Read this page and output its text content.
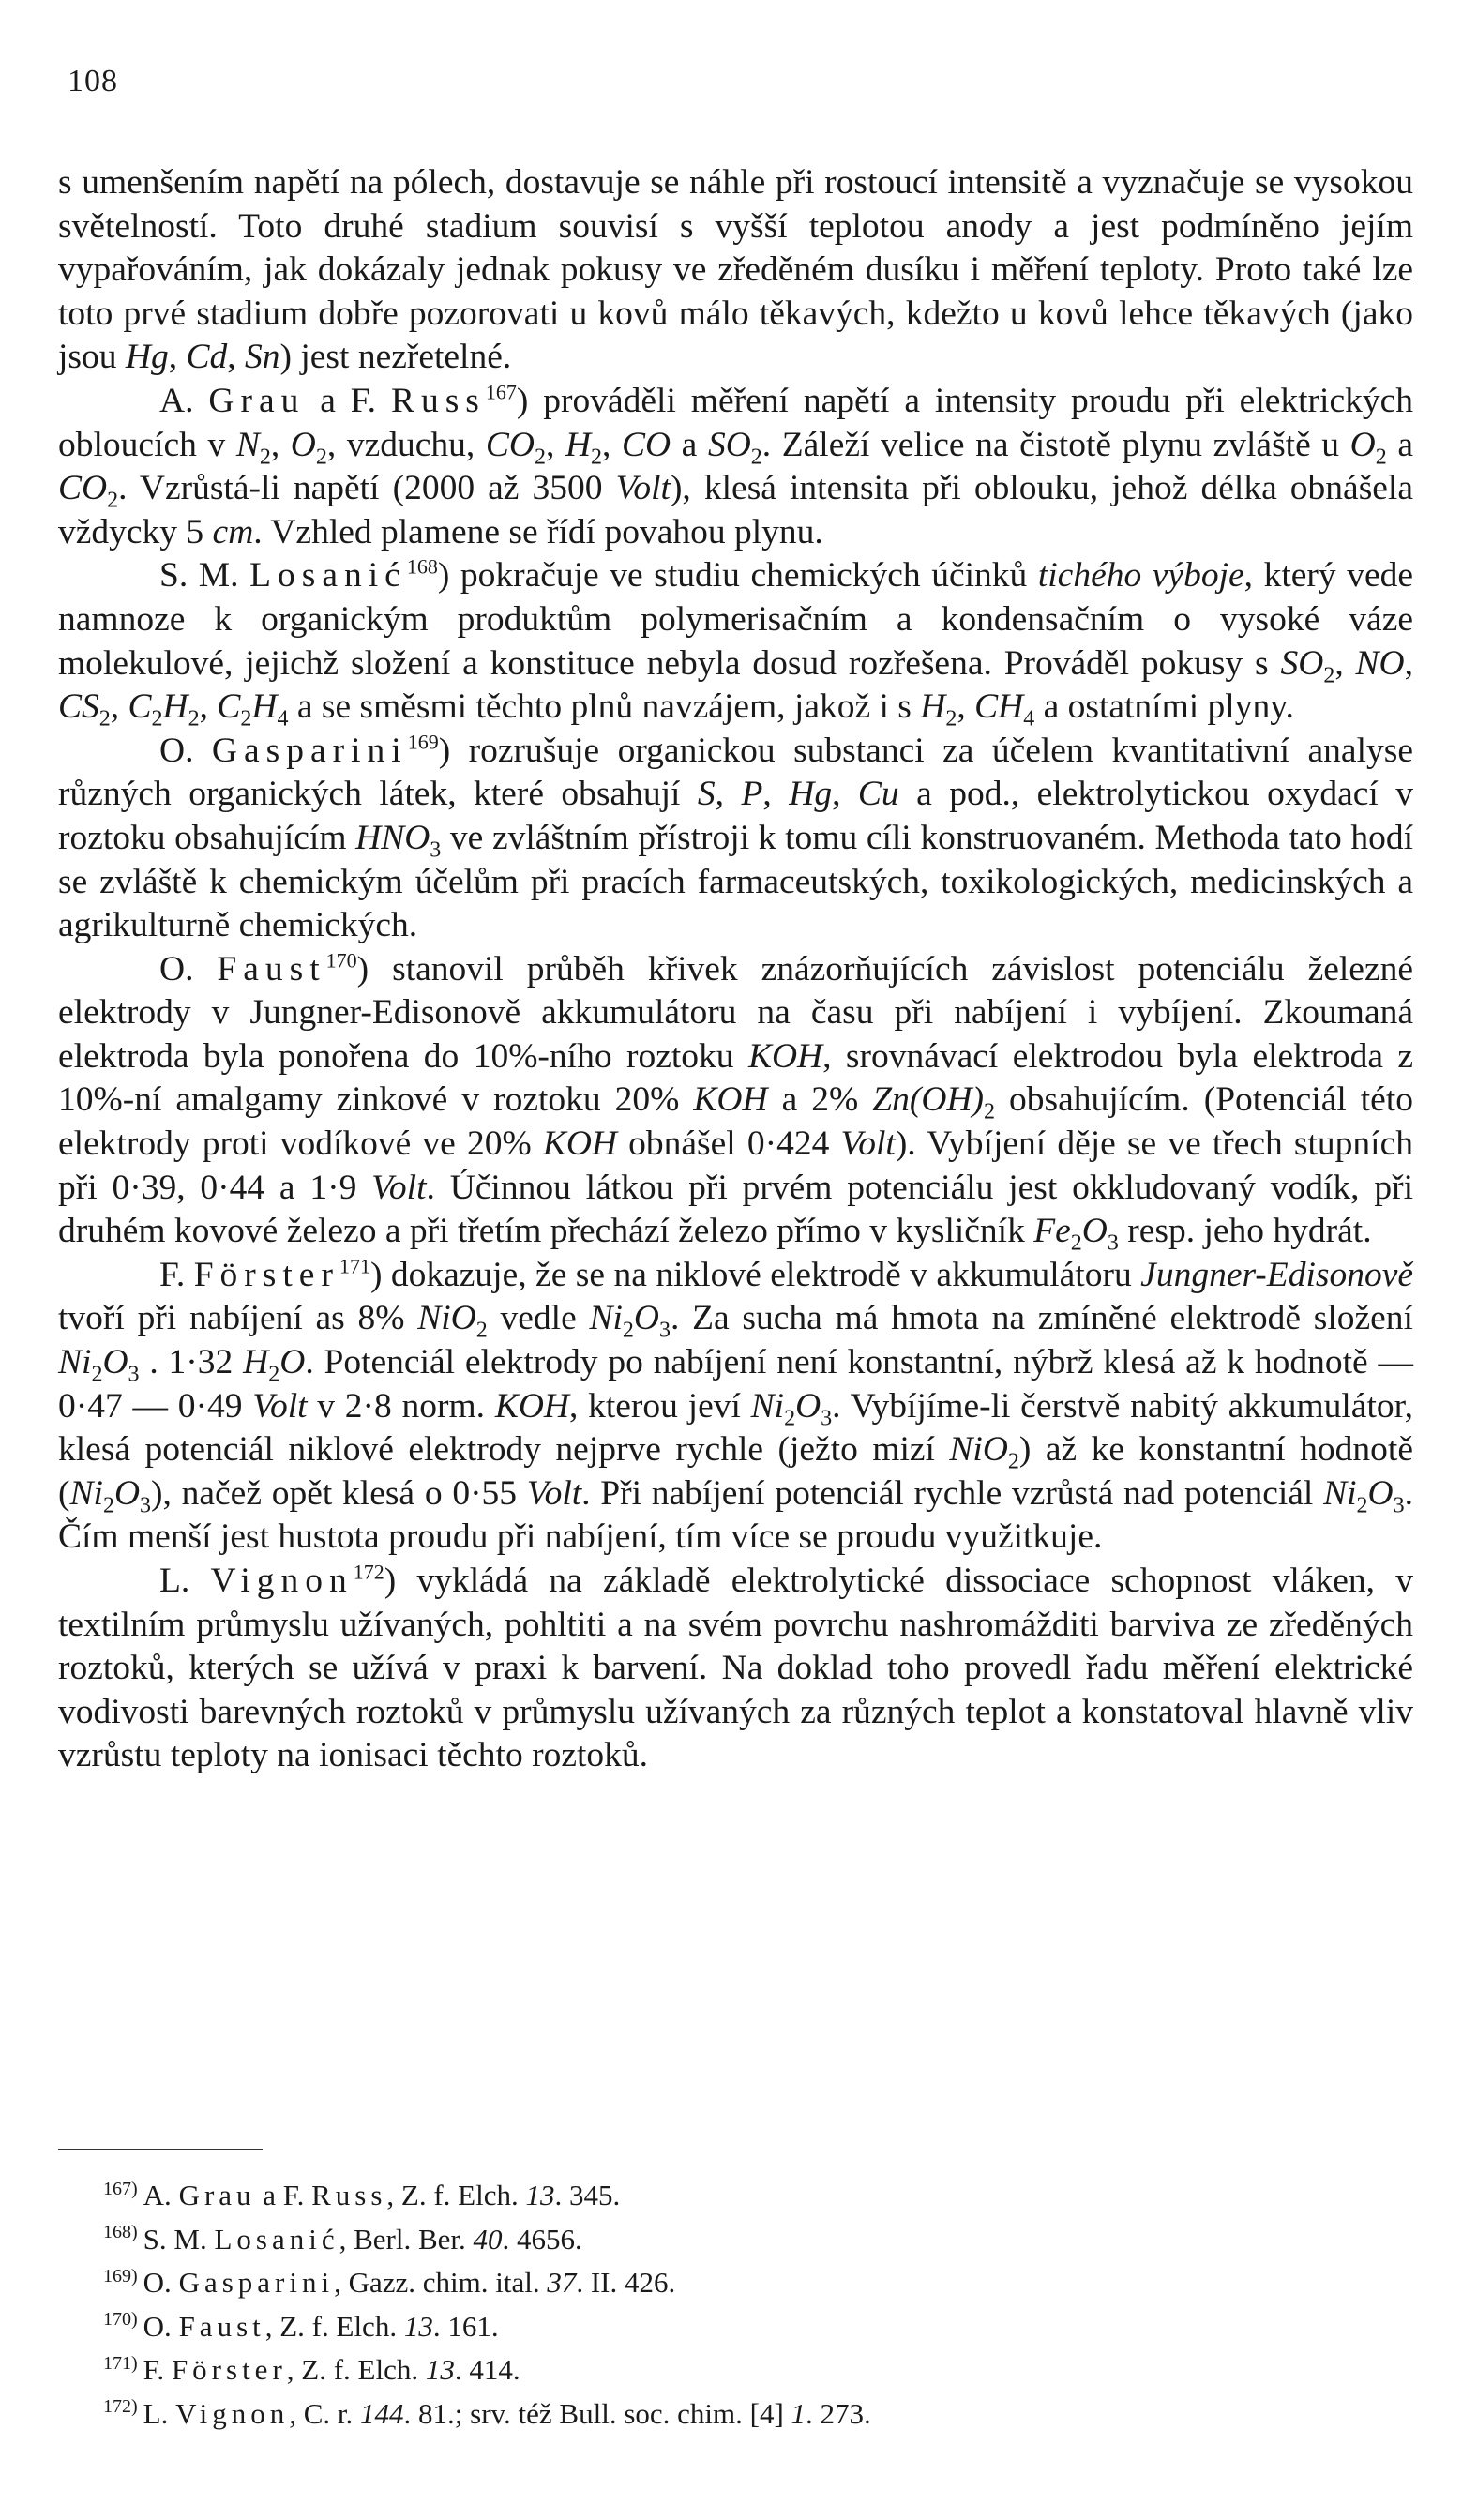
108

s umenšením napětí na pólech, dostavuje se náhle při rostoucí intensitě a vyznačuje se vysokou světelností. Toto druhé stadium souvisí s vyšší teplotou anody a jest podmíněno jejím vypařováním, jak dokázaly jednak pokusy ve zředěném dusíku i měření teploty. Proto také lze toto prvé stadium dobře pozorovati u kovů málo těkavých, kdežto u kovů lehce těkavých (jako jsou Hg, Cd, Sn) jest nezřetelné.

A. Grau a F. Russ$^{167}$) prováděli měření napětí a intensity proudu při elektrických obloucích v $N_2$, $O_2$, vzduchu, $CO_2$, $H_2$, CO a $SO_2$. Záleží velice na čistotě plynu zvláště u $O_2$ a $CO_2$. Vzrůstá-li napětí (2000 až 3500 Volt), klesá intensita při oblouku, jehož délka obnášela vždycky 5 cm. Vzhled plamene se řídí povahou plynu.

S. M. Losanić$^{168}$) pokračuje ve studiu chemických účinků tichého výboje, který vede namnoze k organickým produktům polymerisačním a kondensačním o vysoké váze molekulové, jejichž složení a konstituce nebyla dosud rozřešena. Prováděl pokusy s $SO_2$, NO, $CS_2$, $C_2H_2$, $C_2H_4$ a se směsmi těchto plnů navzájem, jakož i s $H_2$, $CH_4$ a ostatními plyny.

O. Gasparini$^{169}$) rozrušuje organickou substanci za účelem kvantitativní analyse různých organických látek, které obsahují S, P, Hg, Cu a pod., elektrolytickou oxydací v roztoku obsahujícím $HNO_3$ ve zvláštním přístroji k tomu cíli konstruovaném. Methoda tato hodí se zvláště k chemickým účelům při pracích farmaceutských, toxikologických, medicinských a agrikulturně chemických.

O. Faust$^{170}$) stanovil průběh křivek znázorňujících závislost potenciálu železné elektrody v Jungner-Edisonově akkumulátoru na času při nabíjení i vybíjení. Zkoumaná elektroda byla ponořena do 10%-ního roztoku KOH, srovnávací elektrodou byla elektroda z 10%-ní amalgamy zinkové v roztoku 20% KOH a 2% $Zn(OH)_2$ obsahujícím. (Potenciál této elektrody proti vodíkové ve 20% KOH obnášel 0·424 Volt). Vybíjení děje se ve třech stupních při 0·39, 0·44 a 1·9 Volt. Účinnou látkou při prvém potenciálu jest okkludovaný vodík, při druhém kovové železo a při třetím přechází železo přímo v kysličník $Fe_2O_3$ resp. jeho hydrát.

F. Förster$^{171}$) dokazuje, že se na niklové elektrodě v akkumulátoru Jungner-Edisonově tvoří při nabíjení as 8% NiO$_2$ vedle $Ni_2O_3$. Za sucha má hmota na zmíněné elektrodě složení $Ni_2O_3$ . 1·32 $H_2O$. Potenciál elektrody po nabíjení není konstantní, nýbrž klesá až k hodnotě — 0·47 — 0·49 Volt v 2·8 norm. KOH, kterou jeví $Ni_2O_3$. Vybíjíme-li čerstvě nabitý akkumulátor, klesá potenciál niklové elektrody nejprve rychle (ježto mizí NiO$_2$) až ke konstantní hodnotě $(Ni_2O_3)$, načež opět klesá o 0·55 Volt. Při nabíjení potenciál rychle vzrůstá nad potenciál $Ni_2O_3$. Čím menší jest hustota proudu při nabíjení, tím více se proudu využitkuje.

L. Vignon$^{172}$) vykládá na základě elektrolytické dissociace schopnost vláken, v textilním průmyslu užívaných, pohltiti a na svém povrchu nashromážditi barviva ze zředěných roztoků, kterých se užívá v praxi k barvení. Na doklad toho provedl řadu měření elektrické vodivosti barevných roztoků v průmyslu užívaných za různých teplot a konstatoval hlavně vliv vzrůstu teploty na ionisaci těchto roztoků.

$^{167)}$ A. Grau a F. Russ, Z. f. Elch. 13. 345.

$^{168)}$ S. M. Losanić, Berl. Ber. 40. 4656.

$^{169)}$ O. Gasparini, Gazz. chim. ital. 37. II. 426.

$^{170)}$ O. Faust, Z. f. Elch. 13. 161.

$^{171)}$ F. Förster, Z. f. Elch. 13. 414.

$^{172)}$ L. Vignon, C. r. 144. 81.; srv. též Bull. soc. chim. [4] 1. 273.
